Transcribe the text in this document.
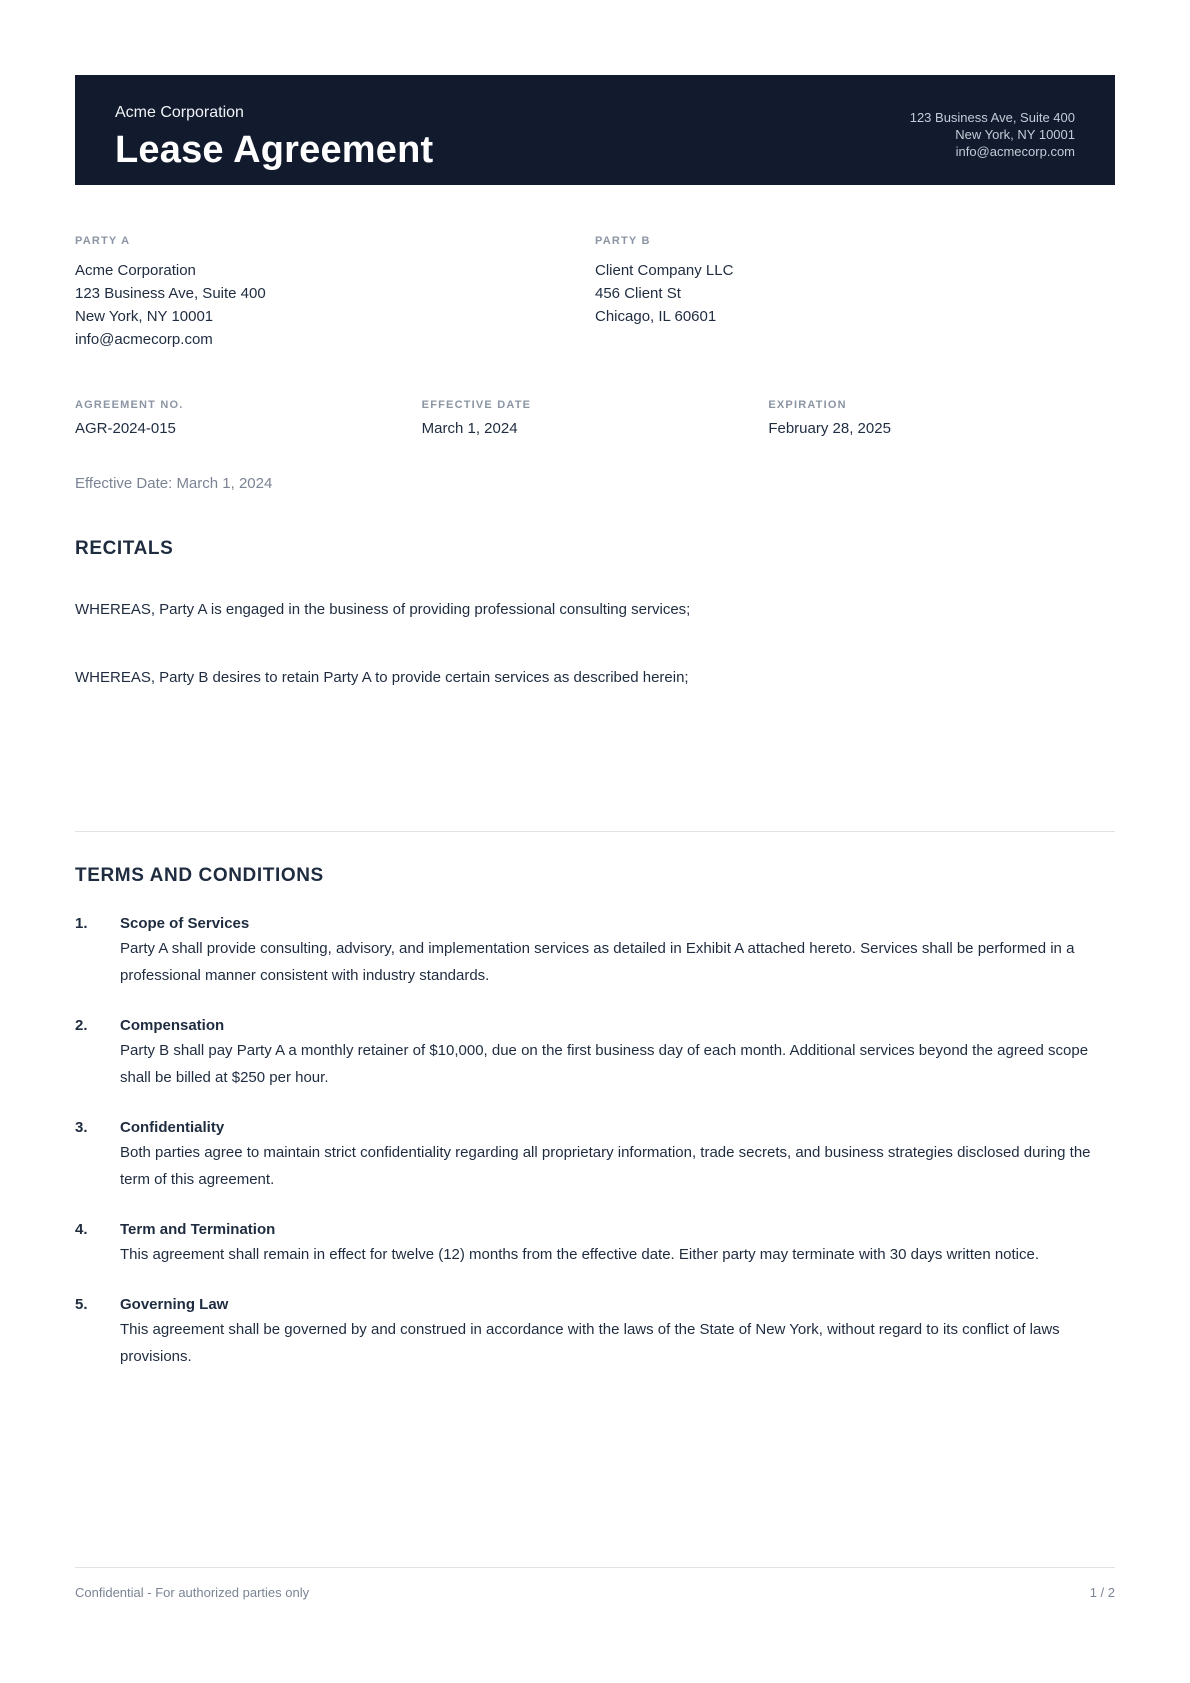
Acme Corporation
Lease Agreement
123 Business Ave, Suite 400
New York, NY 10001
info@acmecorp.com
PARTY A
Acme Corporation
123 Business Ave, Suite 400
New York, NY 10001
info@acmecorp.com
PARTY B
Client Company LLC
456 Client St
Chicago, IL 60601
AGREEMENT NO.
AGR-2024-015
EFFECTIVE DATE
March 1, 2024
EXPIRATION
February 28, 2025
Effective Date: March 1, 2024
RECITALS

WHEREAS, Party A is engaged in the business of providing professional consulting services;

WHEREAS, Party B desires to retain Party A to provide certain services as described herein;

TERMS AND CONDITIONS
1.	Scope of Services
Party A shall provide consulting, advisory, and implementation services as detailed in Exhibit A attached hereto. Services shall be performed in a professional manner consistent with industry standards.
2.	Compensation
Party B shall pay Party A a monthly retainer of $10,000, due on the first business day of each month. Additional services beyond the agreed scope shall be billed at $250 per hour.
3.	Confidentiality
Both parties agree to maintain strict confidentiality regarding all proprietary information, trade secrets, and business strategies disclosed during the term of this agreement.
4.	Term and Termination
This agreement shall remain in effect for twelve (12) months from the effective date. Either party may terminate with 30 days written notice.
5.	Governing Law
This agreement shall be governed by and construed in accordance with the laws of the State of New York, without regard to its conflict of laws provisions.
Confidential - For authorized parties only	1 / 2
